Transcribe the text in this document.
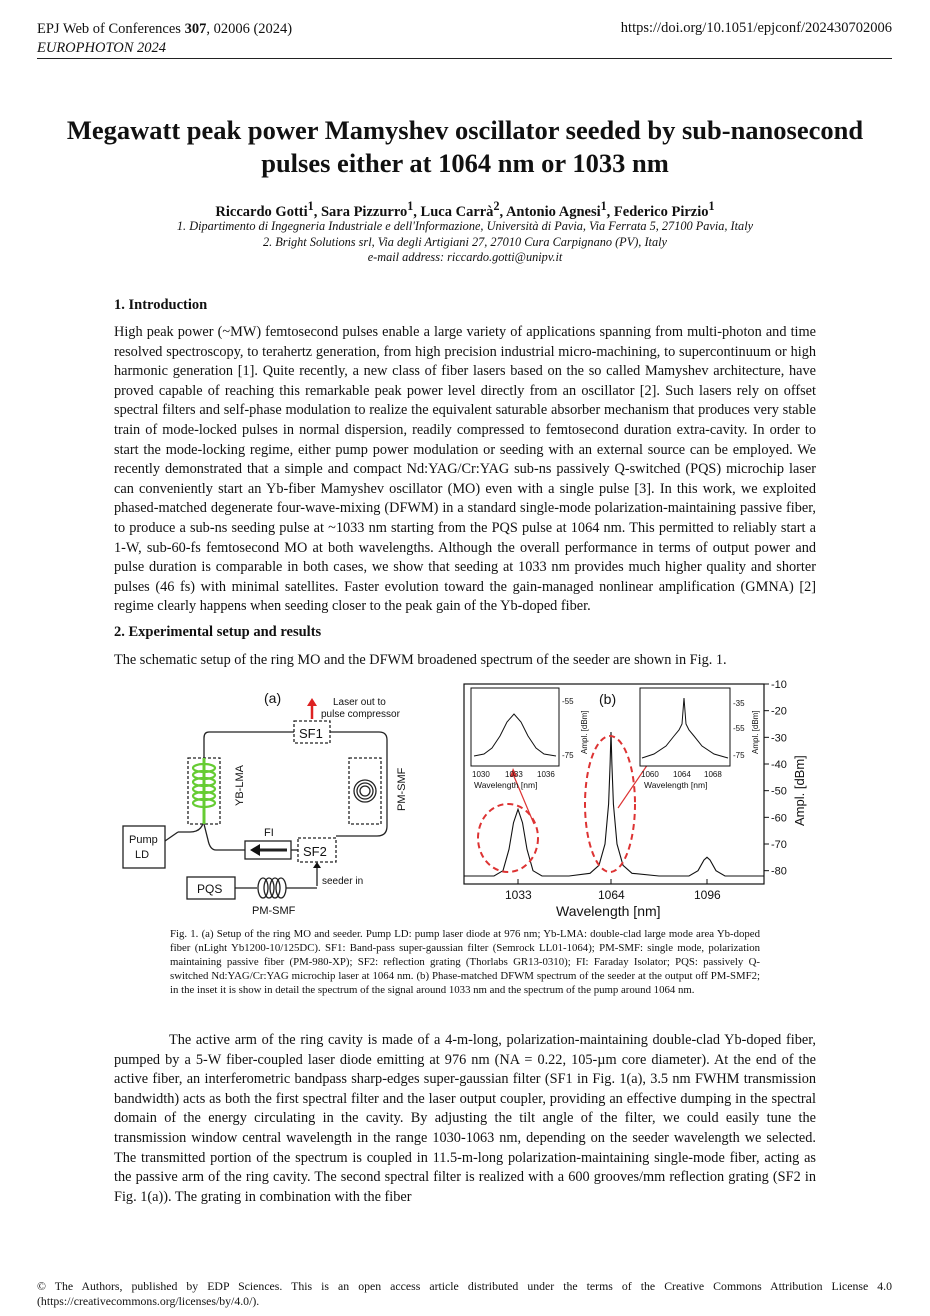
EPJ Web of Conferences 307, 02006 (2024)
EUROPHOTON 2024
https://doi.org/10.1051/epjconf/202430702006
Megawatt peak power Mamyshev oscillator seeded by sub-nanosecond pulses either at 1064 nm or 1033 nm
Riccardo Gotti$^1$, Sara Pizzurro$^1$, Luca Carrà$^2$, Antonio Agnesi$^1$, Federico Pirzio$^1$
1. Dipartimento di Ingegneria Industriale e dell'Informazione, Università di Pavia, Via Ferrata 5, 27100 Pavia, Italy
2. Bright Solutions srl, Via degli Artigiani 27, 27010 Cura Carpignano (PV), Italy
e-mail address: riccardo.gotti@unipv.it
1. Introduction
High peak power (~MW) femtosecond pulses enable a large variety of applications spanning from multi-photon and time resolved spectroscopy, to terahertz generation, from high precision industrial micro-machining, to supercontinuum or high harmonic generation [1]. Quite recently, a new class of fiber lasers based on the so called Mamyshev architecture, have proved capable of reaching this remarkable peak power level directly from an oscillator [2]. Such lasers rely on offset spectral filters and self-phase modulation to realize the equivalent saturable absorber mechanism that produces very stable train of mode-locked pulses in normal dispersion, readily compressed to femtosecond duration extra-cavity. In order to start the mode-locking regime, either pump power modulation or seeding with an external source can be employed. We recently demonstrated that a simple and compact Nd:YAG/Cr:YAG sub-ns passively Q-switched (PQS) microchip laser can conveniently start an Yb-fiber Mamyshev oscillator (MO) even with a single pulse [3]. In this work, we exploited phased-matched degenerate four-wave-mixing (DFWM) in a standard single-mode polarization-maintaining passive fiber, to produce a sub-ns seeding pulse at ~1033 nm starting from the PQS pulse at 1064 nm. This permitted to reliably start a 1-W, sub-60-fs femtosecond MO at both wavelengths. Although the overall performance in terms of output power and pulse duration is comparable in both cases, we show that seeding at 1033 nm provides much higher quality and shorter pulses (46 fs) with minimal satellites. Faster evolution toward the gain-managed nonlinear amplification (GMNA) [2] regime clearly happens when seeding closer to the peak gain of the Yb-doped fiber.
2. Experimental setup and results
The schematic setup of the ring MO and the DFWM broadened spectrum of the seeder are shown in Fig. 1.
(a)	Laser out to
pulse compressor
SF1
YB-LMA	PM-SMF
Pump
LD
FI
SF2
seeder in
PQS
PM-SMF
(b)
-10
-20
-30
-40
-50
-60
-70
-80
1033	1064	1096
Ampl. [dBm]
Wavelength [nm]
-55
-75
Ampl. [dBm]
1030 1033 1036
Wavelength [nm]
-35
-55
-75
Ampl. [dBm]
1060 1064 1068
Wavelength [nm]
Fig. 1. (a) Setup of the ring MO and seeder. Pump LD: pump laser diode at 976 nm; Yb-LMA: double-clad large mode area Yb-doped fiber (nLight Yb1200-10/125DC). SF1: Band-pass super-gaussian filter (Semrock LL01-1064); PM-SMF: single mode, polarization maintaining passive fiber (PM-980-XP); SF2: reflection grating (Thorlabs GR13-0310); FI: Faraday Isolator; PQS: passively Q-switched Nd:YAG/Cr:YAG microchip laser at 1064 nm. (b) Phase-matched DFWM spectrum of the seeder at the output off PM-SMF2; in the inset it is show in detail the spectrum of the signal around 1033 nm and the spectrum of the pump around 1064 nm.
The active arm of the ring cavity is made of a 4-m-long, polarization-maintaining double-clad Yb-doped fiber, pumped by a 5-W fiber-coupled laser diode emitting at 976 nm (NA = 0.22, 105-µm core diameter). At the end of the active fiber, an interferometric bandpass sharp-edges super-gaussian filter (SF1 in Fig. 1(a), 3.5 nm FWHM transmission bandwidth) acts as both the first spectral filter and the laser output coupler, providing an effective dumping in the spectral domain of the energy circulating in the cavity. By adjusting the tilt angle of the filter, we could easily tune the transmission window central wavelength in the range 1030-1063 nm, depending on the seeder wavelength we selected. The transmitted portion of the spectrum is coupled in 11.5-m-long polarization-maintaining single-mode fiber, acting as the passive arm of the ring cavity. The second spectral filter is realized with a 600 grooves/mm reflection grating (SF2 in Fig. 1(a)). The grating in combination with the fiber
© The Authors, published by EDP Sciences. This is an open access article distributed under the terms of the Creative Commons Attribution License 4.0 (https://creativecommons.org/licenses/by/4.0/).
